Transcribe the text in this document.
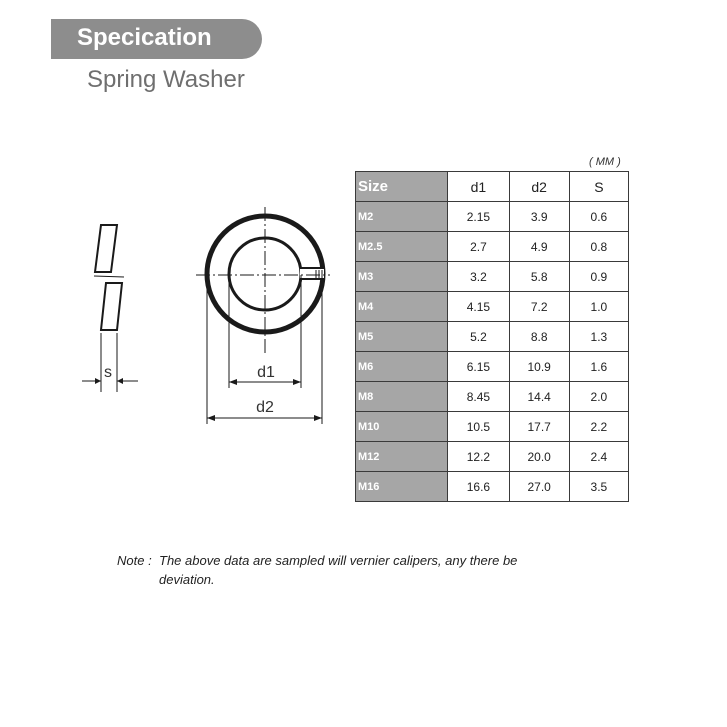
Specication
Spring Washer
s	d1
d2
( MM )
Size	d1	d2	S
M2	2.15	3.9	0.6
M2.5	2.7	4.9	0.8
M3	3.2	5.8	0.9
M4	4.15	7.2	1.0
M5	5.2	8.8	1.3
M6	6.15	10.9	1.6
M8	8.45	14.4	2.0
M10	10.5	17.7	2.2
M12	12.2	20.0	2.4
M16	16.6	27.0	3.5
Note : The above data are sampled will vernier calipers, any there be
deviation.
